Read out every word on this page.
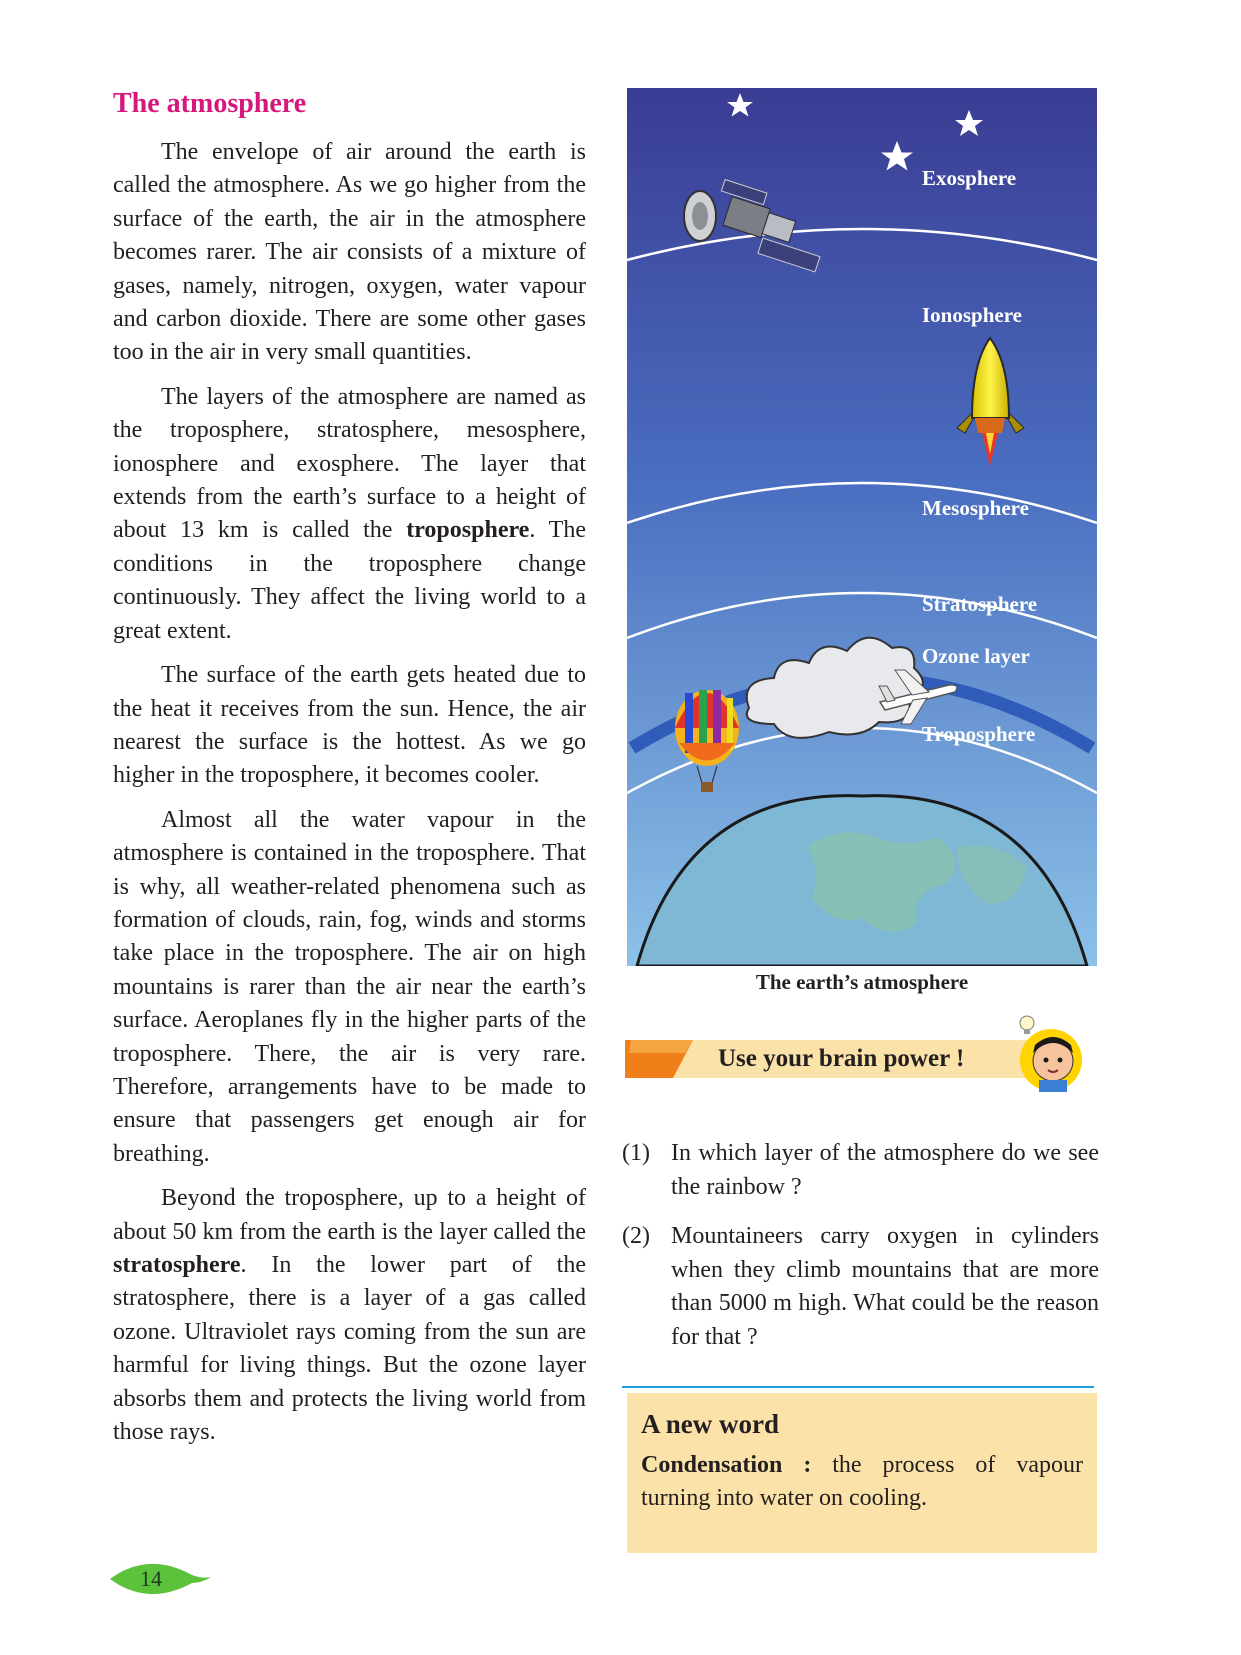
The atmosphere

The envelope of air around the earth is called the atmosphere. As we go higher from the surface of the earth, the air in the atmosphere becomes rarer. The air consists of a mixture of gases, namely, nitrogen, oxygen, water vapour and carbon dioxide. There are some other gases too in the air in very small quantities.

The layers of the atmosphere are named as the troposphere, stratosphere, mesosphere, ionosphere and exosphere. The layer that extends from the earth’s surface to a height of about 13 km is called the troposphere. The conditions in the troposphere change continuously. They affect the living world to a great extent.

The surface of the earth gets heated due to the heat it receives from the sun. Hence, the air nearest the surface is the hottest. As we go higher in the troposphere, it becomes cooler.

Almost all the water vapour in the atmosphere is contained in the troposphere. That is why, all weather-related phenomena such as formation of clouds, rain, fog, winds and storms take place in the troposphere. The air on high mountains is rarer than the air near the earth’s surface. Aeroplanes fly in the higher parts of the troposphere. There, the air is very rare. Therefore, arrangements have to be made to ensure that passengers get enough air for breathing.

Beyond the troposphere, up to a height of about 50 km from the earth is the layer called the stratosphere. In the lower part of the stratosphere, there is a layer of a gas called ozone. Ultraviolet rays coming from the sun are harmful for living things. But the ozone layer absorbs them and protects the living world from those rays.

Exosphere
Ionosphere
Mesosphere
Stratosphere
Ozone layer
Troposphere
The earth’s atmosphere
Use your brain power !
(1) In which layer of the atmosphere do we see the rainbow ?
(2) Mountaineers carry oxygen in cylinders when they climb mountains that are more than 5000 m high. What could be the reason for that ?
A new word

Condensation : the process of vapour turning into water on cooling.

14
